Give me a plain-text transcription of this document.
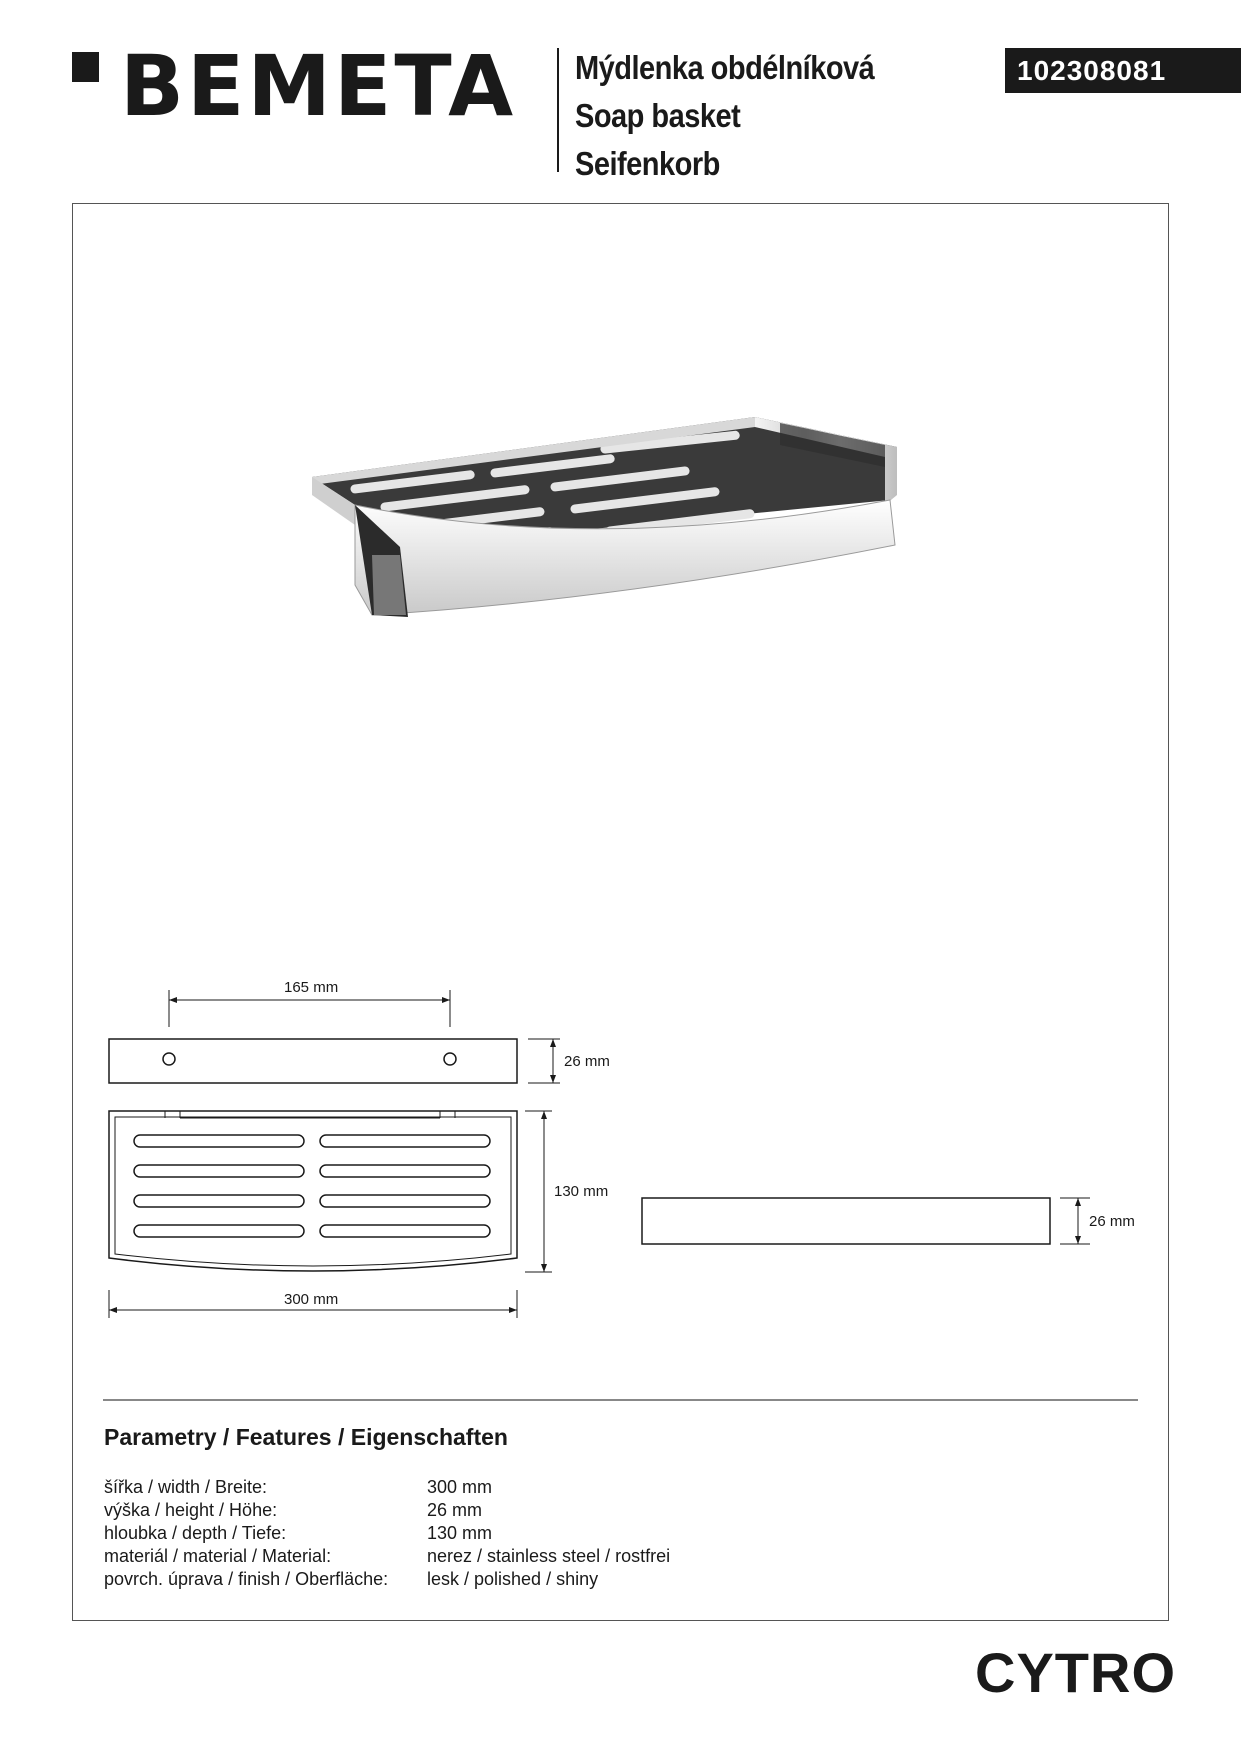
BEMETA Mýdlenka obdélníková
Soap basket
Seifenkorb
102308081
165 mm
26 mm
130 mm
300 mm
26 mm
Parametry / Features / Eigenschaften
šířka / width / Breite:	300 mm
výška / height / Höhe:	26 mm
hloubka / depth / Tiefe:	130 mm
materiál / material / Material:	nerez / stainless steel / rostfrei
povrch. úprava / finish / Oberfläche:	lesk / polished / shiny
CYTRO
